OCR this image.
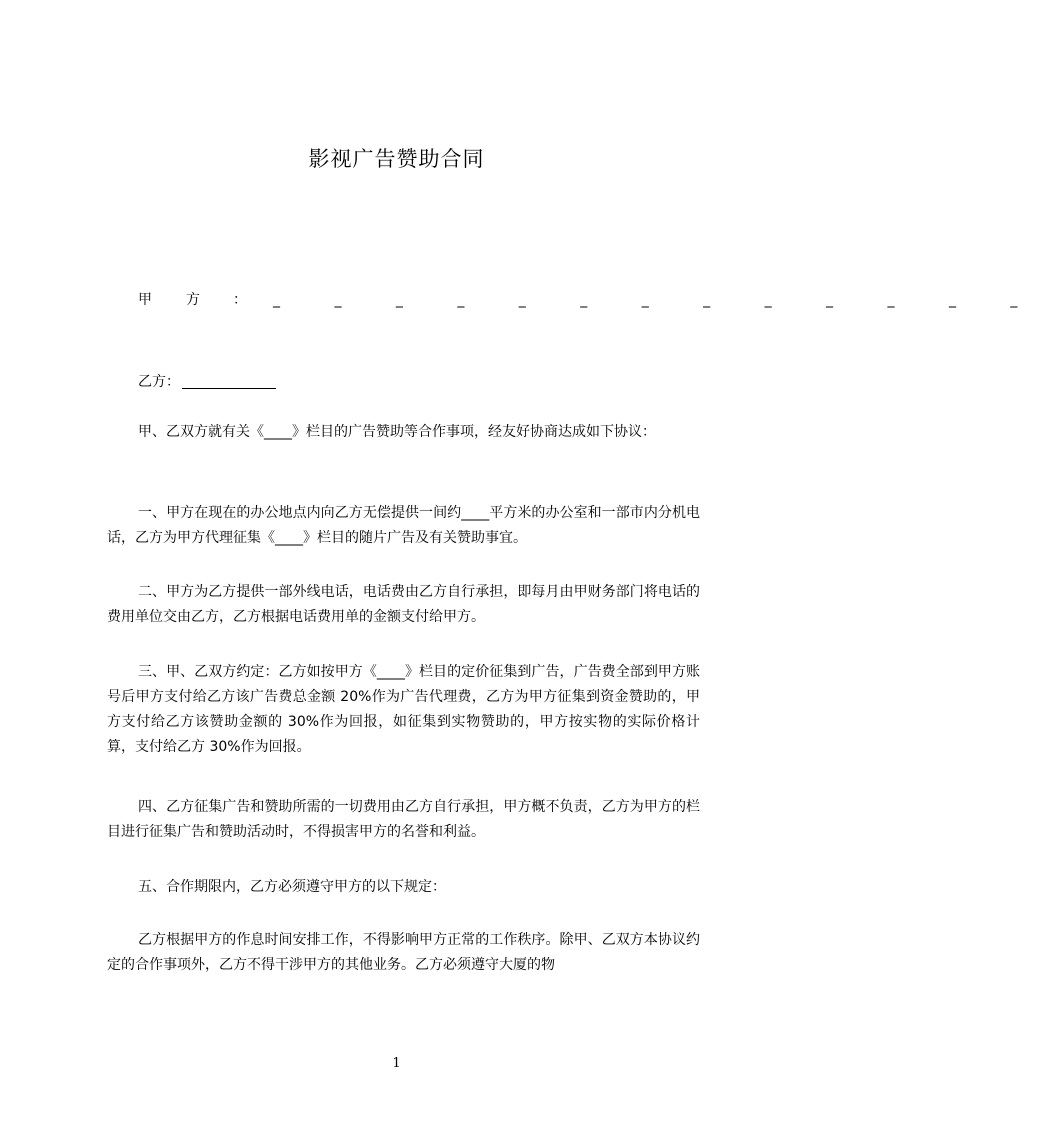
影视广告赞助合同
甲 方 ： _ _ _ _ _ _ _ _ _ _ _ _ _
乙方：

甲、乙双方就有关《____》栏目的广告赞助等合作事项，经友好协商达成如下协议：

一、甲方在现在的办公地点内向乙方无偿提供一间约____平方米的办公室和一部市内分机电话，乙方为甲方代理征集《____》栏目的随片广告及有关赞助事宜。

二、甲方为乙方提供一部外线电话，电话费由乙方自行承担，即每月由甲财务部门将电话的费用单位交由乙方，乙方根据电话费用单的金额支付给甲方。

三、甲、乙双方约定：乙方如按甲方《____》栏目的定价征集到广告，广告费全部到甲方账号后甲方支付给乙方该广告费总金额 20%作为广告代理费，乙方为甲方征集到资金赞助的，甲方支付给乙方该赞助金额的 30%作为回报，如征集到实物赞助的，甲方按实物的实际价格计算，支付给乙方 30%作为回报。

四、乙方征集广告和赞助所需的一切费用由乙方自行承担，甲方概不负责，乙方为甲方的栏目进行征集广告和赞助活动时，不得损害甲方的名誉和利益。

五、合作期限内，乙方必须遵守甲方的以下规定：

乙方根据甲方的作息时间安排工作，不得影响甲方正常的工作秩序。除甲、乙双方本协议约定的合作事项外，乙方不得干涉甲方的其他业务。乙方必须遵守大厦的物

1
